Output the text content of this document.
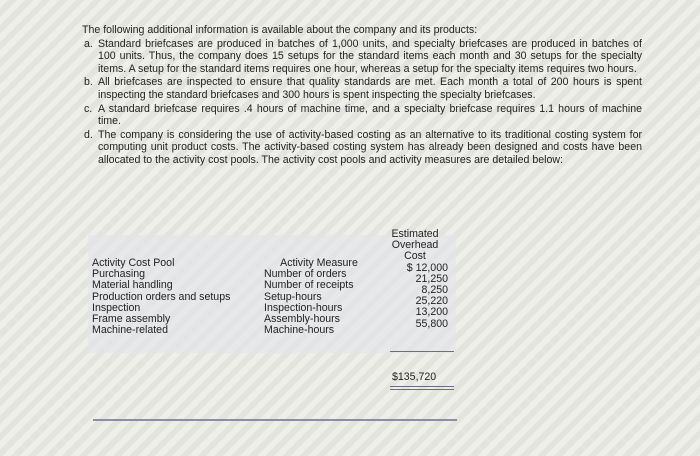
The following additional information is available about the company and its products:
a. Standard briefcases are produced in batches of 1,000 units, and specialty briefcases are produced in batches of 100 units. Thus, the company does 15 setups for the standard items each month and 30 setups for the specialty items. A setup for the standard items requires one hour, whereas a setup for the specialty items requires two hours.
b. All briefcases are inspected to ensure that quality standards are met. Each month a total of 200 hours is spent inspecting the standard briefcases and 300 hours is spent inspecting the specialty briefcases.
c. A standard briefcase requires .4 hours of machine time, and a specialty briefcase requires 1.1 hours of machine time.
d. The company is considering the use of activity-based costing as an alternative to its traditional costing system for computing unit product costs. The activity-based costing system has already been designed and costs have been allocated to the activity cost pools. The activity cost pools and activity measures are detailed below:
Activity Cost Pool
Purchasing
Material handling
Production orders and setups
Inspection
Frame assembly
Machine-related
Activity Measure
Number of orders
Number of receipts
Setup-hours
Inspection-hours
Assembly-hours
Machine-hours
Estimated
Overhead
Cost
$ 12,000
21,250
8,250
25,220
13,200
55,800
$135,720
